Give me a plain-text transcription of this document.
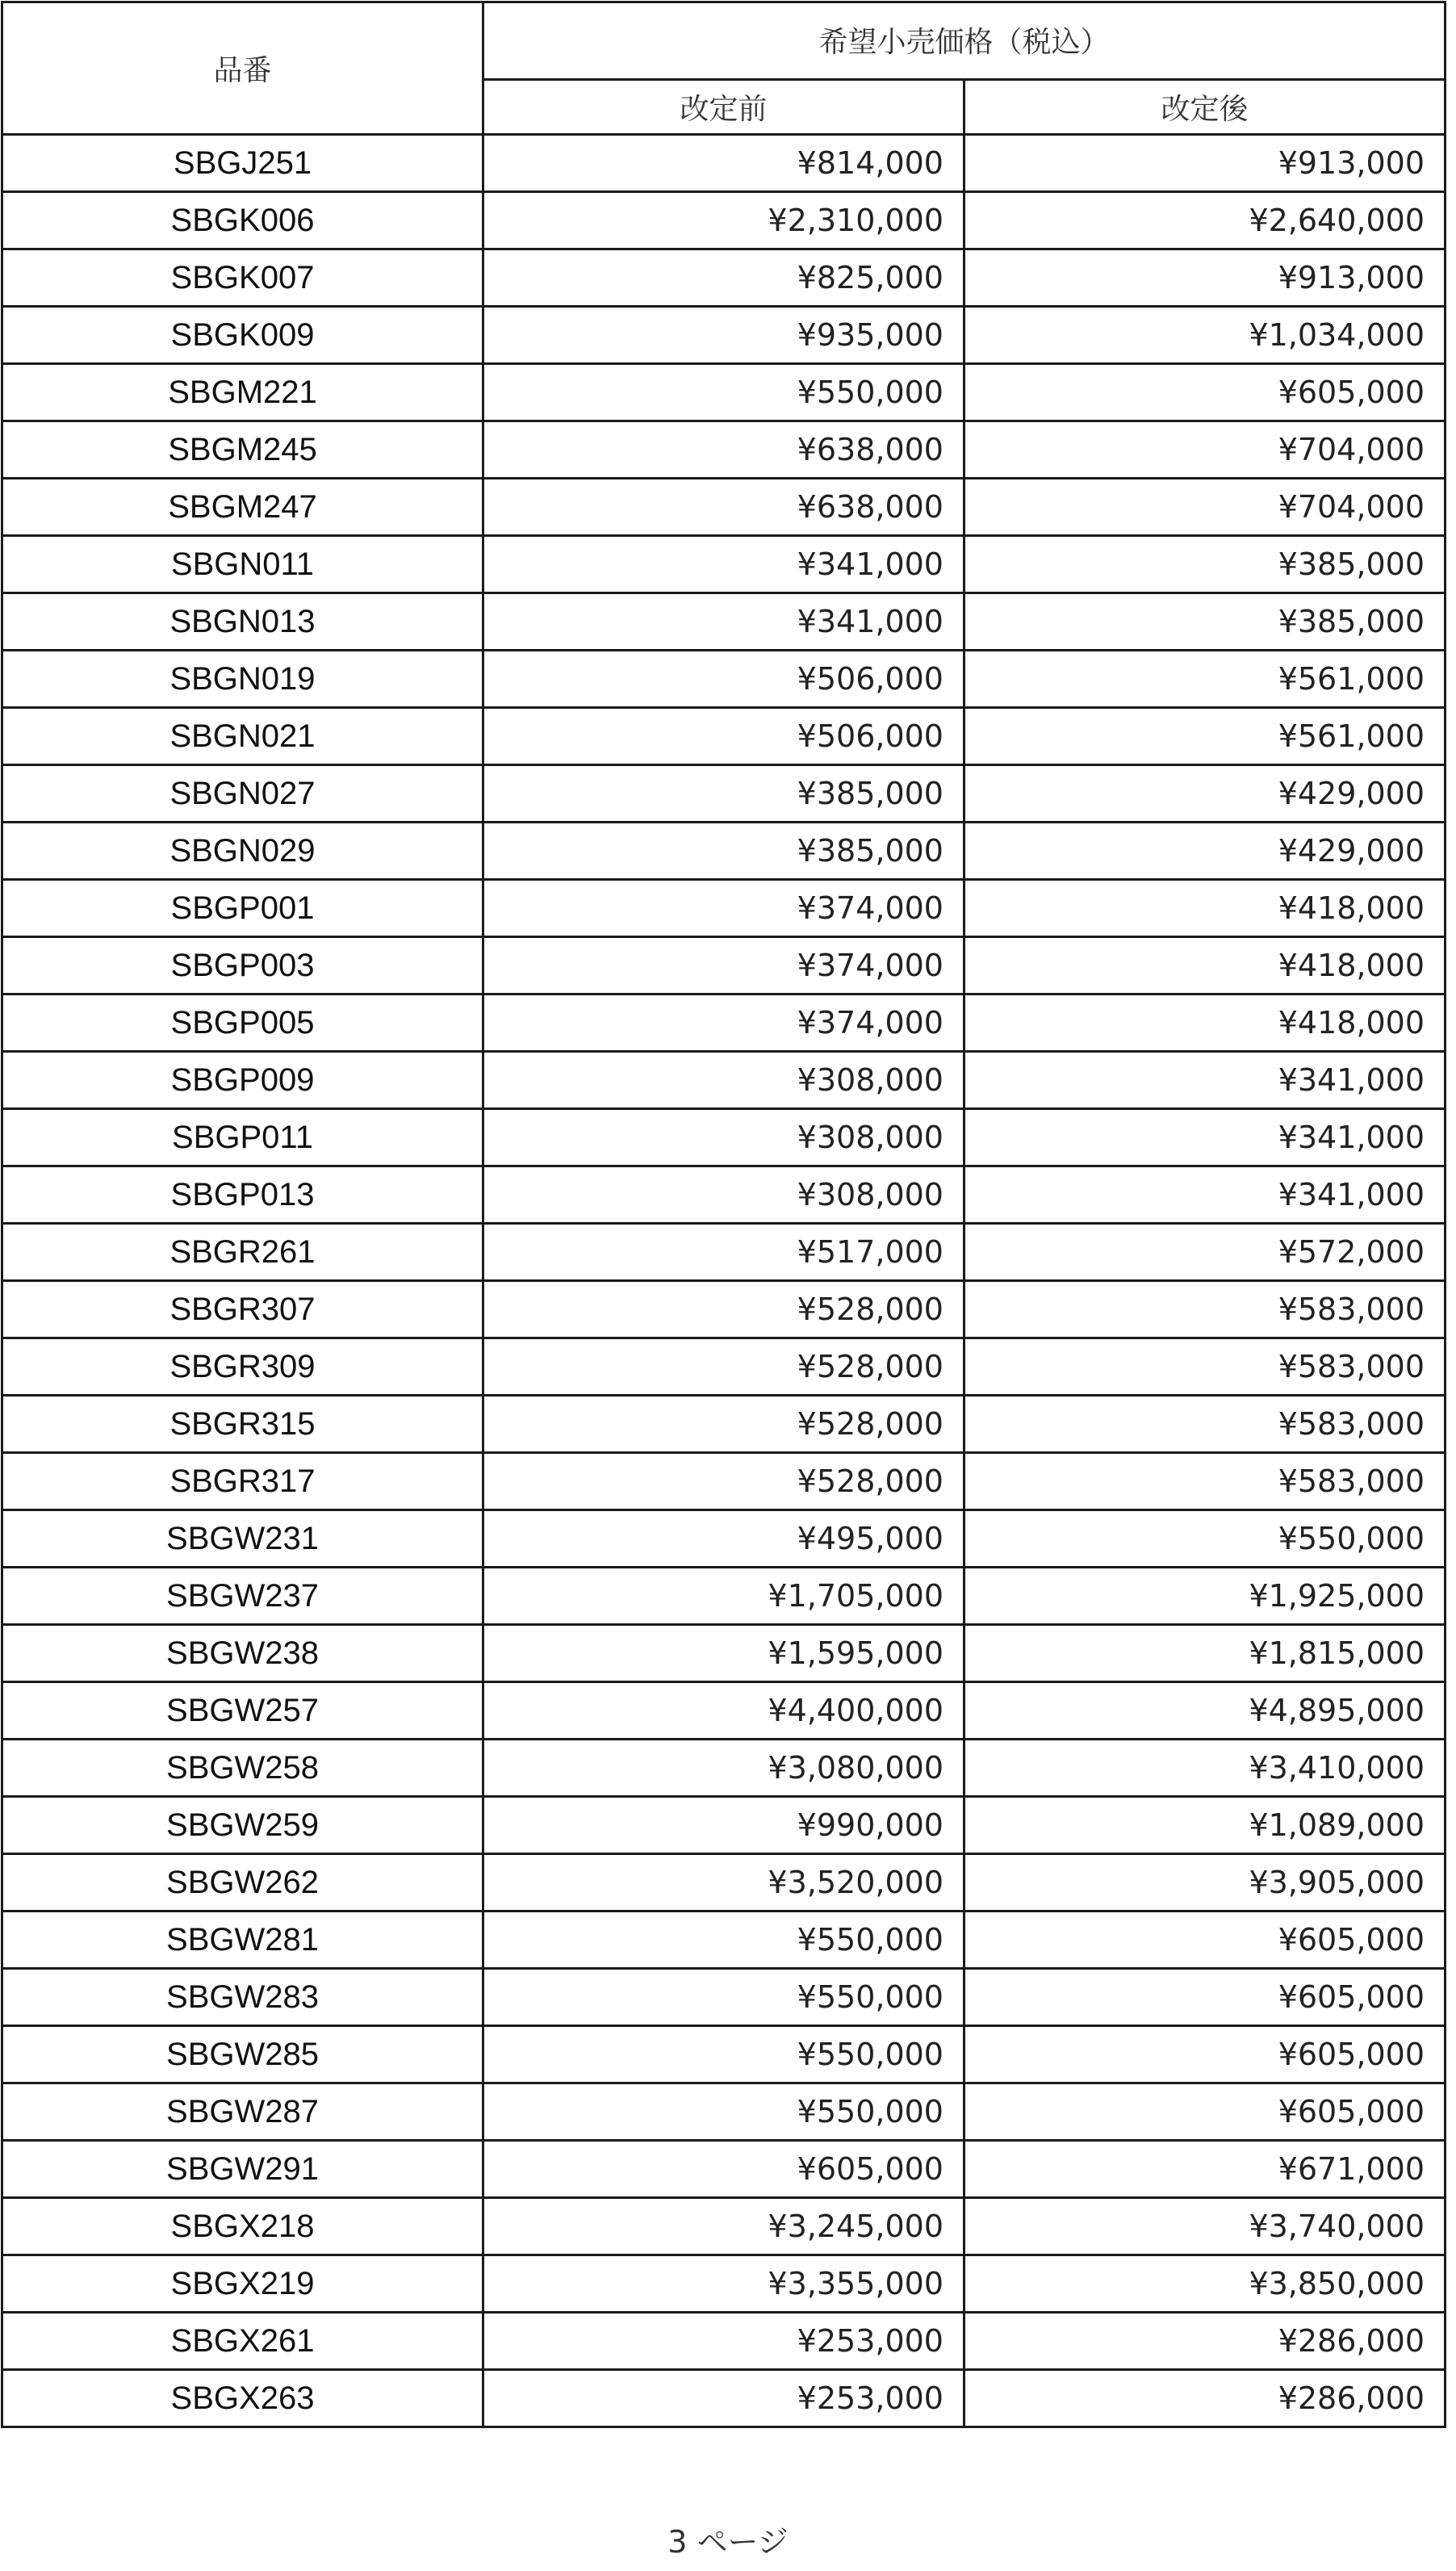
品番	希望小売価格（税込）	
	改定前	改定後
SBGJ251	¥814,000	¥913,000
SBGK006	¥2,310,000	¥2,640,000
SBGK007	¥825,000	¥913,000
SBGK009	¥935,000	¥1,034,000
SBGM221	¥550,000	¥605,000
SBGM245	¥638,000	¥704,000
SBGM247	¥638,000	¥704,000
SBGN011	¥341,000	¥385,000
SBGN013	¥341,000	¥385,000
SBGN019	¥506,000	¥561,000
SBGN021	¥506,000	¥561,000
SBGN027	¥385,000	¥429,000
SBGN029	¥385,000	¥429,000
SBGP001	¥374,000	¥418,000
SBGP003	¥374,000	¥418,000
SBGP005	¥374,000	¥418,000
SBGP009	¥308,000	¥341,000
SBGP011	¥308,000	¥341,000
SBGP013	¥308,000	¥341,000
SBGR261	¥517,000	¥572,000
SBGR307	¥528,000	¥583,000
SBGR309	¥528,000	¥583,000
SBGR315	¥528,000	¥583,000
SBGR317	¥528,000	¥583,000
SBGW231	¥495,000	¥550,000
SBGW237	¥1,705,000	¥1,925,000
SBGW238	¥1,595,000	¥1,815,000
SBGW257	¥4,400,000	¥4,895,000
SBGW258	¥3,080,000	¥3,410,000
SBGW259	¥990,000	¥1,089,000
SBGW262	¥3,520,000	¥3,905,000
SBGW281	¥550,000	¥605,000
SBGW283	¥550,000	¥605,000
SBGW285	¥550,000	¥605,000
SBGW287	¥550,000	¥605,000
SBGW291	¥605,000	¥671,000
SBGX218	¥3,245,000	¥3,740,000
SBGX219	¥3,355,000	¥3,850,000
SBGX261	¥253,000	¥286,000
SBGX263	¥253,000	¥286,000
3 ページ
